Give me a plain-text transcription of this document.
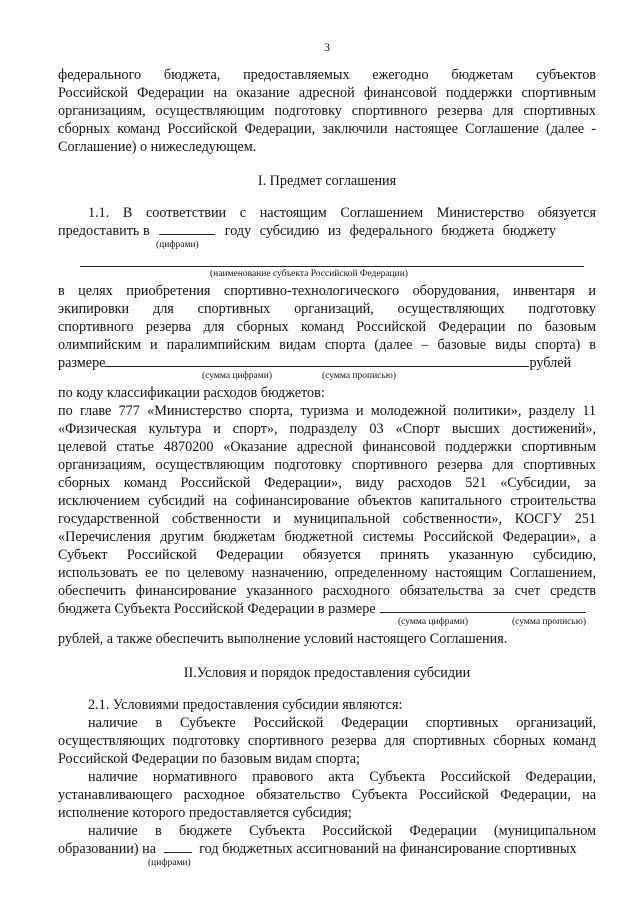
3
федерального бюджета, предоставляемых ежегодно бюджетам субъектов
Российской Федерации на оказание адресной финансовой поддержки спортивным
организациям, осуществляющим подготовку спортивного резерва для спортивных
сборных команд Российской Федерации, заключили настоящее Соглашение (далее -
Соглашение) о нижеследующем.
I. Предмет соглашения
1.1. В соответствии с настоящим Соглашением Министерство обязуется
предоставить в	году субсидию из федерального бюджета бюджету
(цифрами)
(наименование субъекта Российской Федерации)
в целях приобретения спортивно-технологического оборудования, инвентаря и
экипировки для спортивных организаций, осуществляющих подготовку
спортивного резерва для сборных команд Российской Федерации по базовым
олимпийским и паралимпийским видам спорта (далее – базовые виды спорта) в
размере	рублей
(сумма цифрами)	(сумма прописью)
по коду классификации расходов бюджетов:
по главе 777 «Министерство спорта, туризма и молодежной политики», разделу 11
«Физическая культура и спорт», подразделу 03 «Спорт высших достижений»,
целевой статье 4870200 «Оказание адресной финансовой поддержки спортивным
организациям, осуществляющим подготовку спортивного резерва для спортивных
сборных команд Российской Федерации», виду расходов 521 «Субсидии, за
исключением субсидий на софинансирование объектов капитального строительства
государственной собственности и муниципальной собственности», КОСГУ 251
«Перечисления другим бюджетам бюджетной системы Российской Федерации», а
Субъект Российской Федерации обязуется принять указанную субсидию,
использовать ее по целевому назначению, определенному настоящим Соглашением,
обеспечить финансирование указанного расходного обязательства за счет средств
бюджета Субъекта Российской Федерации в размере
(сумма цифрами)	(сумма прописью)
рублей, а также обеспечить выполнение условий настоящего Соглашения.
II.Условия и порядок предоставления субсидии
2.1. Условиями предоставления субсидии являются:
наличие в Субъекте Российской Федерации спортивных организаций,
осуществляющих подготовку спортивного резерва для спортивных сборных команд
Российской Федерации по базовым видам спорта;
наличие нормативного правового акта Субъекта Российской Федерации,
устанавливающего расходное обязательство Субъекта Российской Федерации, на
исполнение которого предоставляется субсидия;
наличие в бюджете Субъекта Российской Федерации (муниципальном
образовании) на	год бюджетных ассигнований на финансирование спортивных
(цифрами)
